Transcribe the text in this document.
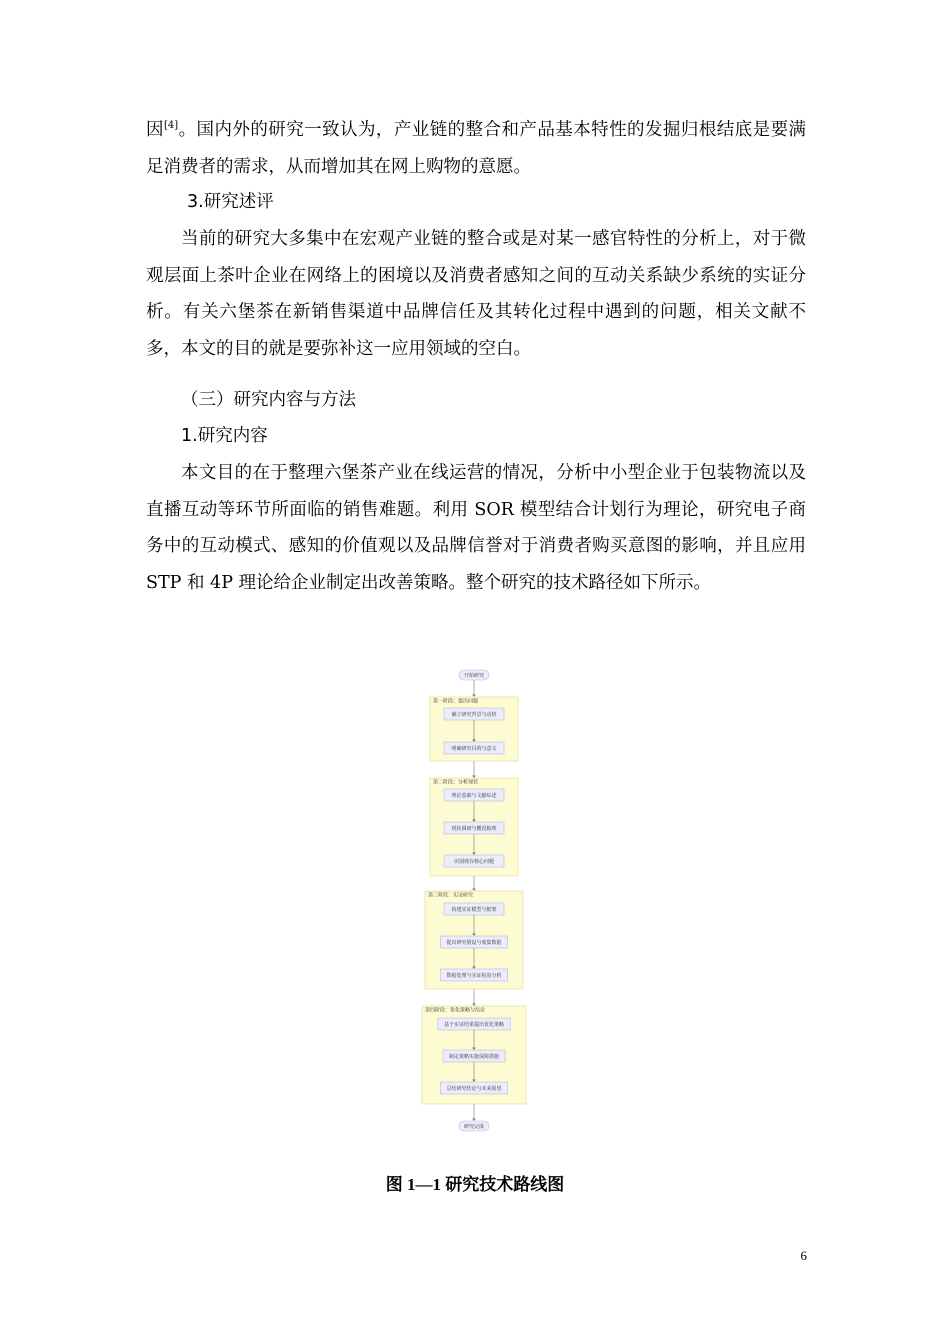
因[4]。国内外的研究一致认为，产业链的整合和产品基本特性的发掘归根结底是要满足消费者的需求，从而增加其在网上购物的意愿。

3.研究述评

当前的研究大多集中在宏观产业链的整合或是对某一感官特性的分析上，对于微观层面上茶叶企业在网络上的困境以及消费者感知之间的互动关系缺少系统的实证分析。有关六堡茶在新销售渠道中品牌信任及其转化过程中遇到的问题，相关文献不多，本文的目的就是要弥补这一应用领域的空白。

（三）研究内容与方法

1.研究内容

本文目的在于整理六堡茶产业在线运营的情况，分析中小型企业于包装物流以及直播互动等环节所面临的销售难题。利用 SOR 模型结合计划行为理论，研究电子商务中的互动模式、感知的价值观以及品牌信誉对于消费者购买意图的影响，并且应用 STP 和 4P 理论给企业制定出改善策略。整个研究的技术路径如下所示。

开始研究
第一阶段：提出问题
确立研究背景与动机
明确研究目的与意义
第二阶段：分析现状
理论基础与文献综述
现状调研与概况梳理
识别现存核心问题
第三阶段：实证研究
构建实证模型与框架
提出研究假设与收集数据
数据处理与实证检验分析
第四阶段：优化策略与结论
基于实证结果提出优化策略
制定策略实施保障措施
总结研究结论与未来展望
研究完成

图 1—1 研究技术路线图

6
